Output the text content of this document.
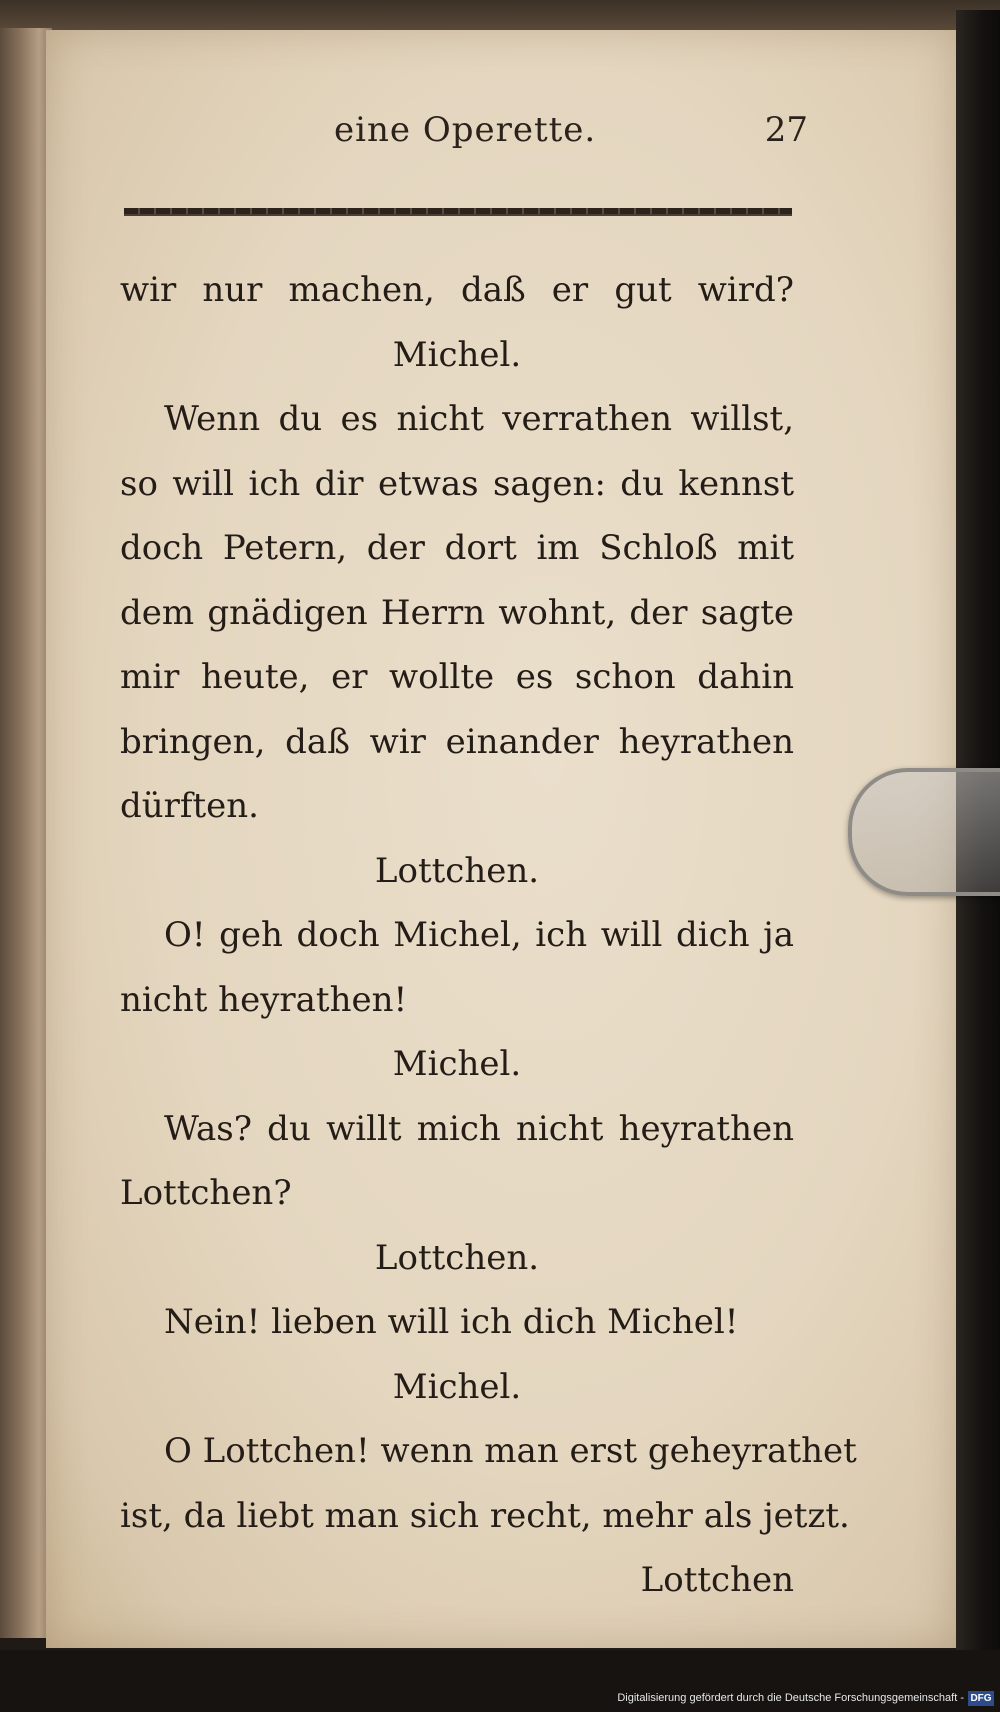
eine Operette.	27
wir nur machen, daß er gut wird?
Michel.
Wenn du es nicht verrathen willst,
so will ich dir etwas sagen: du kennst
doch Petern, der dort im Schloß mit
dem gnädigen Herrn wohnt, der sagte
mir heute, er wollte es schon dahin
bringen, daß wir einander heyrathen
dürften.
Lottchen.
O! geh doch Michel, ich will dich ja
nicht heyrathen!
Michel.
Was? du willt mich nicht heyrathen
Lottchen?
Lottchen.
Nein! lieben will ich dich Michel!
Michel.
O Lottchen! wenn man erst geheyrathet
ist, da liebt man sich recht, mehr als jetzt.
Lottchen
Digitalisierung gefördert durch die Deutsche Forschungsgemeinschaft - DFG
